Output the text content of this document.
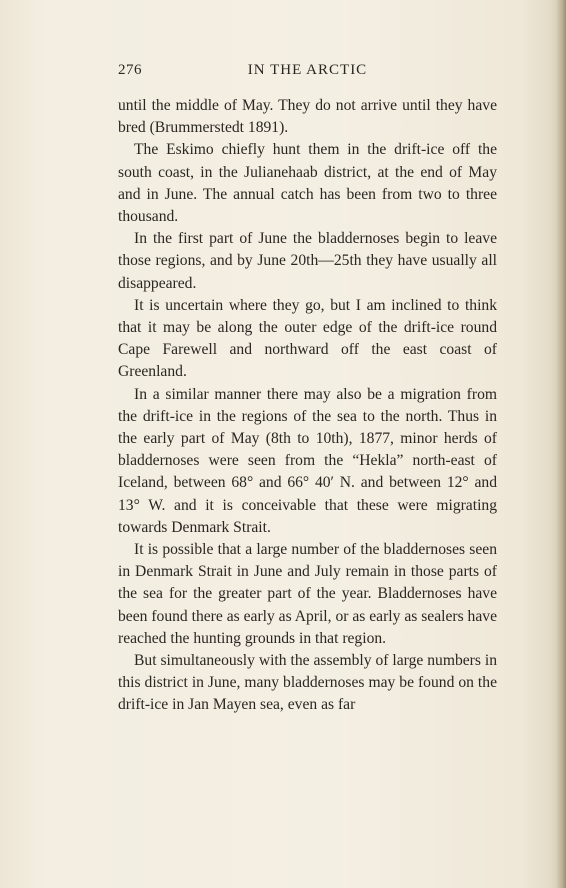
276	IN THE ARCTIC

until the middle of May. They do not arrive until they have bred (Brummerstedt 1891).

The Eskimo chiefly hunt them in the drift-ice off the south coast, in the Julianehaab district, at the end of May and in June. The annual catch has been from two to three thousand.

In the first part of June the bladdernoses begin to leave those regions, and by June 20th—25th they have usually all disappeared.

It is uncertain where they go, but I am inclined to think that it may be along the outer edge of the drift-ice round Cape Farewell and northward off the east coast of Greenland.

In a similar manner there may also be a migration from the drift-ice in the regions of the sea to the north. Thus in the early part of May (8th to 10th), 1877, minor herds of bladdernoses were seen from the “Hekla” north-east of Iceland, between 68° and 66° 40′ N. and between 12° and 13° W. and it is conceivable that these were migrating towards Denmark Strait.

It is possible that a large number of the bladdernoses seen in Denmark Strait in June and July remain in those parts of the sea for the greater part of the year. Bladdernoses have been found there as early as April, or as early as sealers have reached the hunting grounds in that region.

But simultaneously with the assembly of large numbers in this district in June, many bladdernoses may be found on the drift-ice in Jan Mayen sea, even as far
